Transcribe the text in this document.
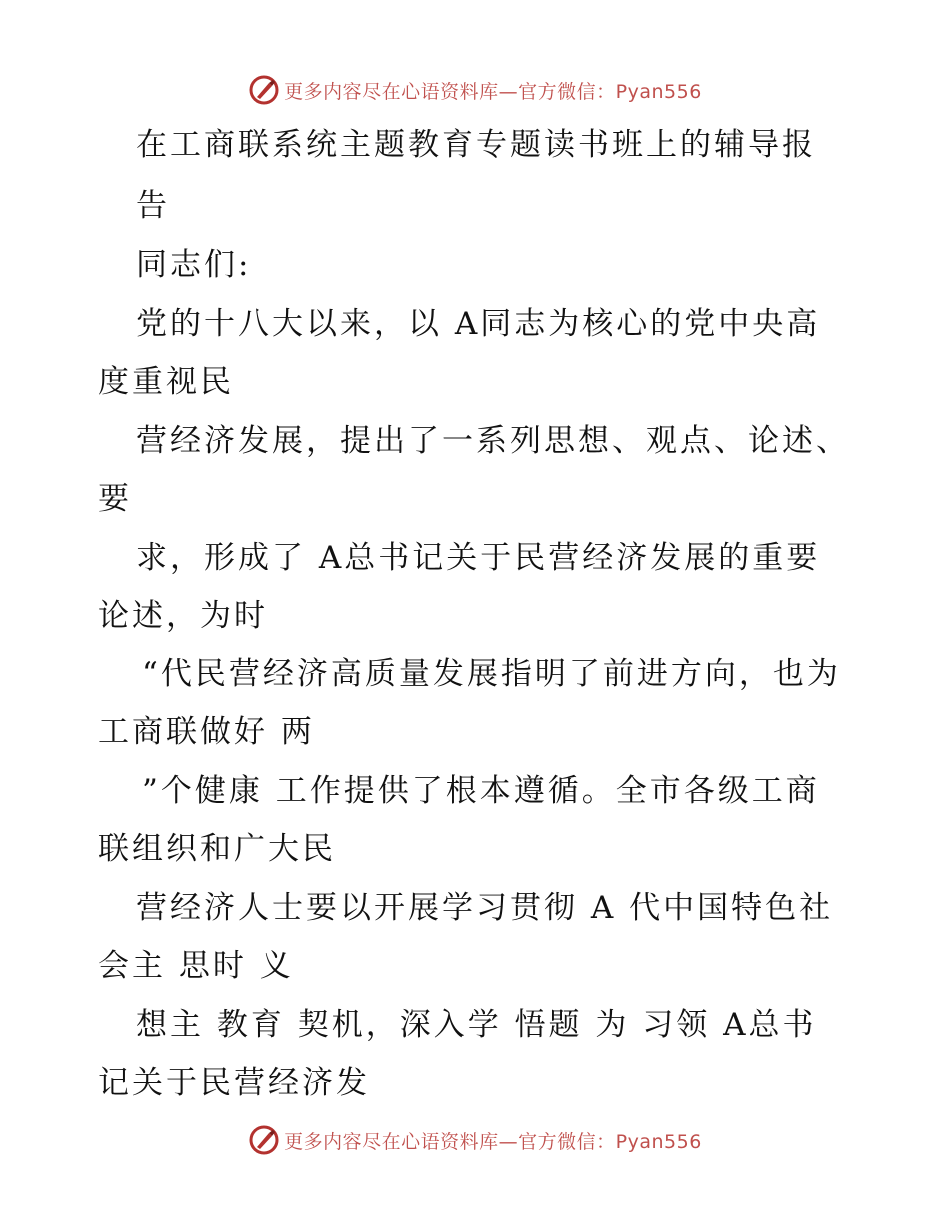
更多内容尽在心语资料库—官方微信：Pyan556
在工商联系统主题教育专题读书班上的辅导报
告
同志们:
党的十八大以来，以 A同志为核心的党中央高
度重视民
营经济发展，提出了一系列思想、观点、论述、
要
求，形成了 A总书记关于民营经济发展的重要
论述，为时
“代民营经济高质量发展指明了前进方向，也为
工商联做好 两
”个健康 工作提供了根本遵循。全市各级工商
联组织和广大民
营经济人士要以开展学习贯彻 A 代中国特色社
会主 思时 义
想主 教育 契机，深入学 悟题 为 习领 A总书
记关于民营经济发
更多内容尽在心语资料库—官方微信：Pyan556
